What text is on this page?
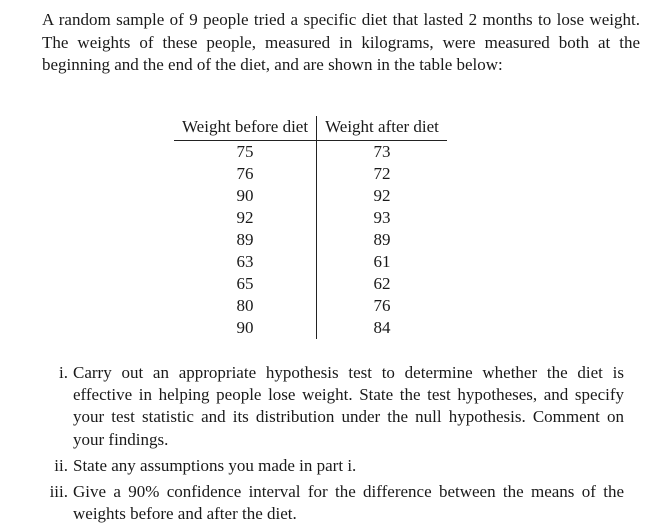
A random sample of 9 people tried a specific diet that lasted 2 months to lose weight. The weights of these people, measured in kilograms, were measured both at the beginning and the end of the diet, and are shown in the table below:
Weight before diet	Weight after diet
75	73
76	72
90	92
92	93
89	89
63	61
65	62
80	76
90	84
i. Carry out an appropriate hypothesis test to determine whether the diet is effective in helping people lose weight. State the test hypotheses, and specify your test statistic and its distribution under the null hypothesis. Comment on your findings.
ii. State any assumptions you made in part i.
iii. Give a 90% confidence interval for the difference between the means of the weights before and after the diet.
